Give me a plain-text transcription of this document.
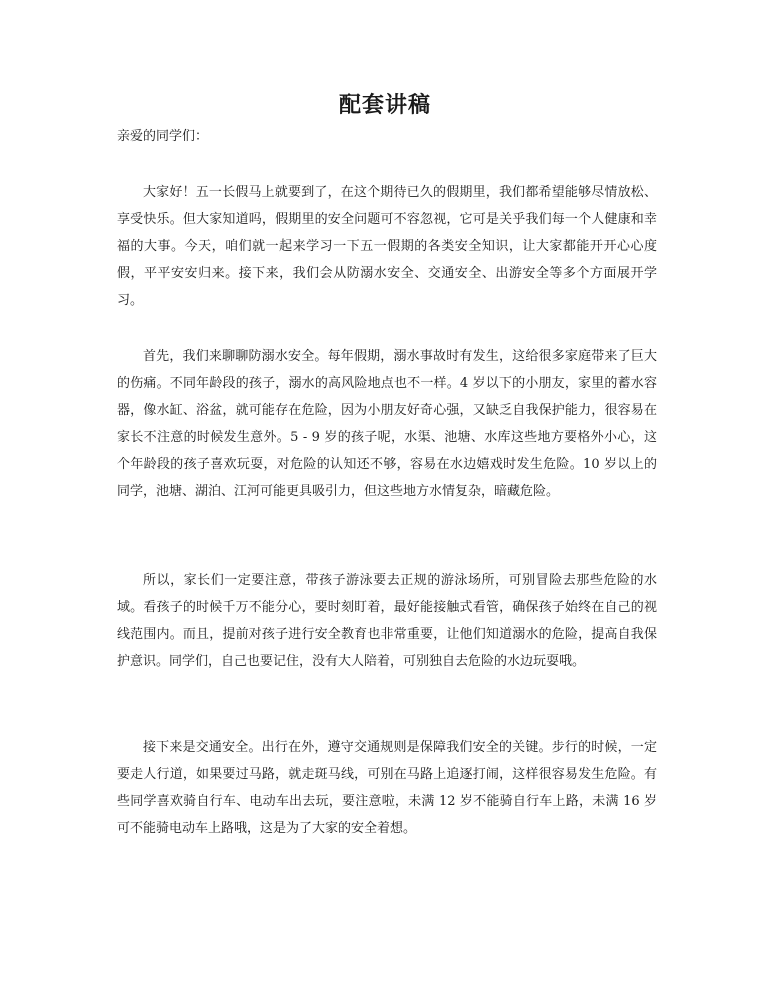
配套讲稿
亲爱的同学们：

大家好！五一长假马上就要到了，在这个期待已久的假期里，我们都希望能够尽情放松、享受快乐。但大家知道吗，假期里的安全问题可不容忽视，它可是关乎我们每一个人健康和幸福的大事。今天，咱们就一起来学习一下五一假期的各类安全知识，让大家都能开开心心度假，平平安安归来。接下来，我们会从防溺水安全、交通安全、出游安全等多个方面展开学习。

首先，我们来聊聊防溺水安全。每年假期，溺水事故时有发生，这给很多家庭带来了巨大的伤痛。不同年龄段的孩子，溺水的高风险地点也不一样。4 岁以下的小朋友，家里的蓄水容器，像水缸、浴盆，就可能存在危险，因为小朋友好奇心强，又缺乏自我保护能力，很容易在家长不注意的时候发生意外。5 - 9 岁的孩子呢，水渠、池塘、水库这些地方要格外小心，这个年龄段的孩子喜欢玩耍，对危险的认知还不够，容易在水边嬉戏时发生危险。10 岁以上的同学，池塘、湖泊、江河可能更具吸引力，但这些地方水情复杂，暗藏危险。

所以，家长们一定要注意，带孩子游泳要去正规的游泳场所，可别冒险去那些危险的水域。看孩子的时候千万不能分心，要时刻盯着，最好能接触式看管，确保孩子始终在自己的视线范围内。而且，提前对孩子进行安全教育也非常重要，让他们知道溺水的危险，提高自我保护意识。同学们，自己也要记住，没有大人陪着，可别独自去危险的水边玩耍哦。

接下来是交通安全。出行在外，遵守交通规则是保障我们安全的关键。步行的时候，一定要走人行道，如果要过马路，就走斑马线，可别在马路上追逐打闹，这样很容易发生危险。有些同学喜欢骑自行车、电动车出去玩，要注意啦，未满 12 岁不能骑自行车上路，未满 16 岁可不能骑电动车上路哦，这是为了大家的安全着想。
